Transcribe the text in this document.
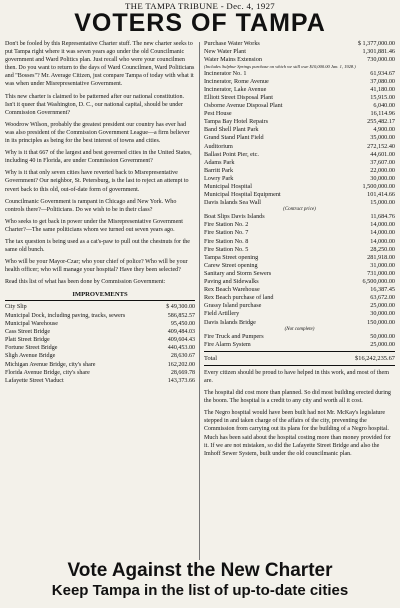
THE TAMPA TRIBUNE - Dec. 4, 1927
VOTERS OF TAMPA

Don't be fooled by this Representative Charter stuff. The new charter seeks to put Tampa right where it was seven years ago under the old Councilmanic government and Ward Politics plan. Just recall who were your councilmen then. Do you want to return to the days of Ward Councilmen, Ward Politicians and "Bosses"? Mr. Average Citizen, just compare Tampa of today with what it was when under Misrepresentative Government.

This new charter is claimed to be patterned after our national constitution. Isn't it queer that Washington, D. C., our national capital, should be under Commission Government?

Woodrow Wilson, probably the greatest president our country has ever had was also president of the Commission Government League—a firm believer in its principles as being for the best interest of towns and cities.

Why is it that 667 of the largest and best governed cities in the United States, including 40 in Florida, are under Commission Government?

Why is it that only seven cities have reverted back to Misrepresentative Government? Our neighbor, St. Petersburg, is the last to reject an attempt to revert back to this old, out-of-date form of government.

Councilmanic Government is rampant in Chicago and New York. Who controls there?—Politicians. Do we wish to be in their class?

Who seeks to get back in power under the Misrepresentative Government Charter?—The same politicians whom we turned out seven years ago.

The tax question is being used as a cat's-paw to pull out the chestnuts for the same old bunch.

Who will be your Mayor-Czar; who your chief of police? Who will be your health officer; who will manage your hospital? Have they been selected?

Read this list of what has been done by Commission Government:

IMPROVEMENTS
City Slip	$ 49,300.00
Municipal Dock, including paving, tracks, sewers	586,852.57
Municipal Warehouse	95,450.00
Cass Street Bridge	409,484.03
Platt Street Bridge	409,604.43
Fortune Street Bridge	440,453.00
Sligh Avenue Bridge	28,630.67
Michigan Avenue Bridge, city's share	162,202.00
Florida Avenue Bridge, city's share	28,669.78
Lafayette Street Viaduct	143,373.66
Purchase Water Works	$ 1,377,000.00
New Water Plant	1,301,881.46
Water Mains Extension	730,000.00
(Includes Sulphur Springs purchase on which we still owe $10,000.00 Jan. 1, 1928.)
Incinerator No. 1	61,934.67
Incinerator, Rome Avenue	37,080.00
Incinerator, Lake Avenue	41,180.00
Elliott Street Disposal Plant	15,915.00
Osborne Avenue Disposal Plant	6,040.00
Pest House	16,114.96
Tampa Bay Hotel Repairs	255,482.17
Band Shell Plant Park	4,900.00
Grand Stand Plant Field	35,000.00
Auditorium	272,152.40
Ballast Point Pier, etc.	44,601.00
Adams Park	37,607.00
Barritt Park	22,000.00
Lowry Park	30,000.00
Municipal Hospital	1,500,000.00
Municipal Hospital Equipment	101,414.66
Davis Islands Sea Wall	15,000.00
(Contract price)
Boat Slips Davis Islands	11,684.76
Fire Station No. 2	14,000.00
Fire Station No. 7	14,000.00
Fire Station No. 8	14,000.00
Fire Station No. 5	28,250.00
Tampa Street opening	281,918.00
Carew Street opening	31,000.00
Sanitary and Storm Sewers	731,000.00
Paving and Sidewalks	6,500,000.00
Rex Beach Warehouse	16,387.45
Rex Beach purchase of land	63,672.00
Grassy Island purchase	25,000.00
Field Artillery	30,000.00
Davis Islands Bridge	150,000.00
(Not complete)
Fire Truck and Pumpers	50,000.00
Fire Alarm System	25,000.00
Total	$16,242,235.67

Every citizen should be proud to have helped in this work, and most of them are.

The hospital did cost more than planned. So did most building erected during the boom. The hospital is a credit to any city and worth all it cost.

The Negro hospital would have been built had not Mr. McKay's legislature stepped in and taken charge of the affairs of the city, preventing the Commission from carrying out its plans for the building of a Negro hospital. Much has been said about the hospital costing more than money provided for it. If we are not mistaken, so did the Lafayette Street Bridge and also the Imhoff Sewer System, built under the old councilmanic plan.

Vote Against the New Charter
Keep Tampa in the list of up-to-date cities
